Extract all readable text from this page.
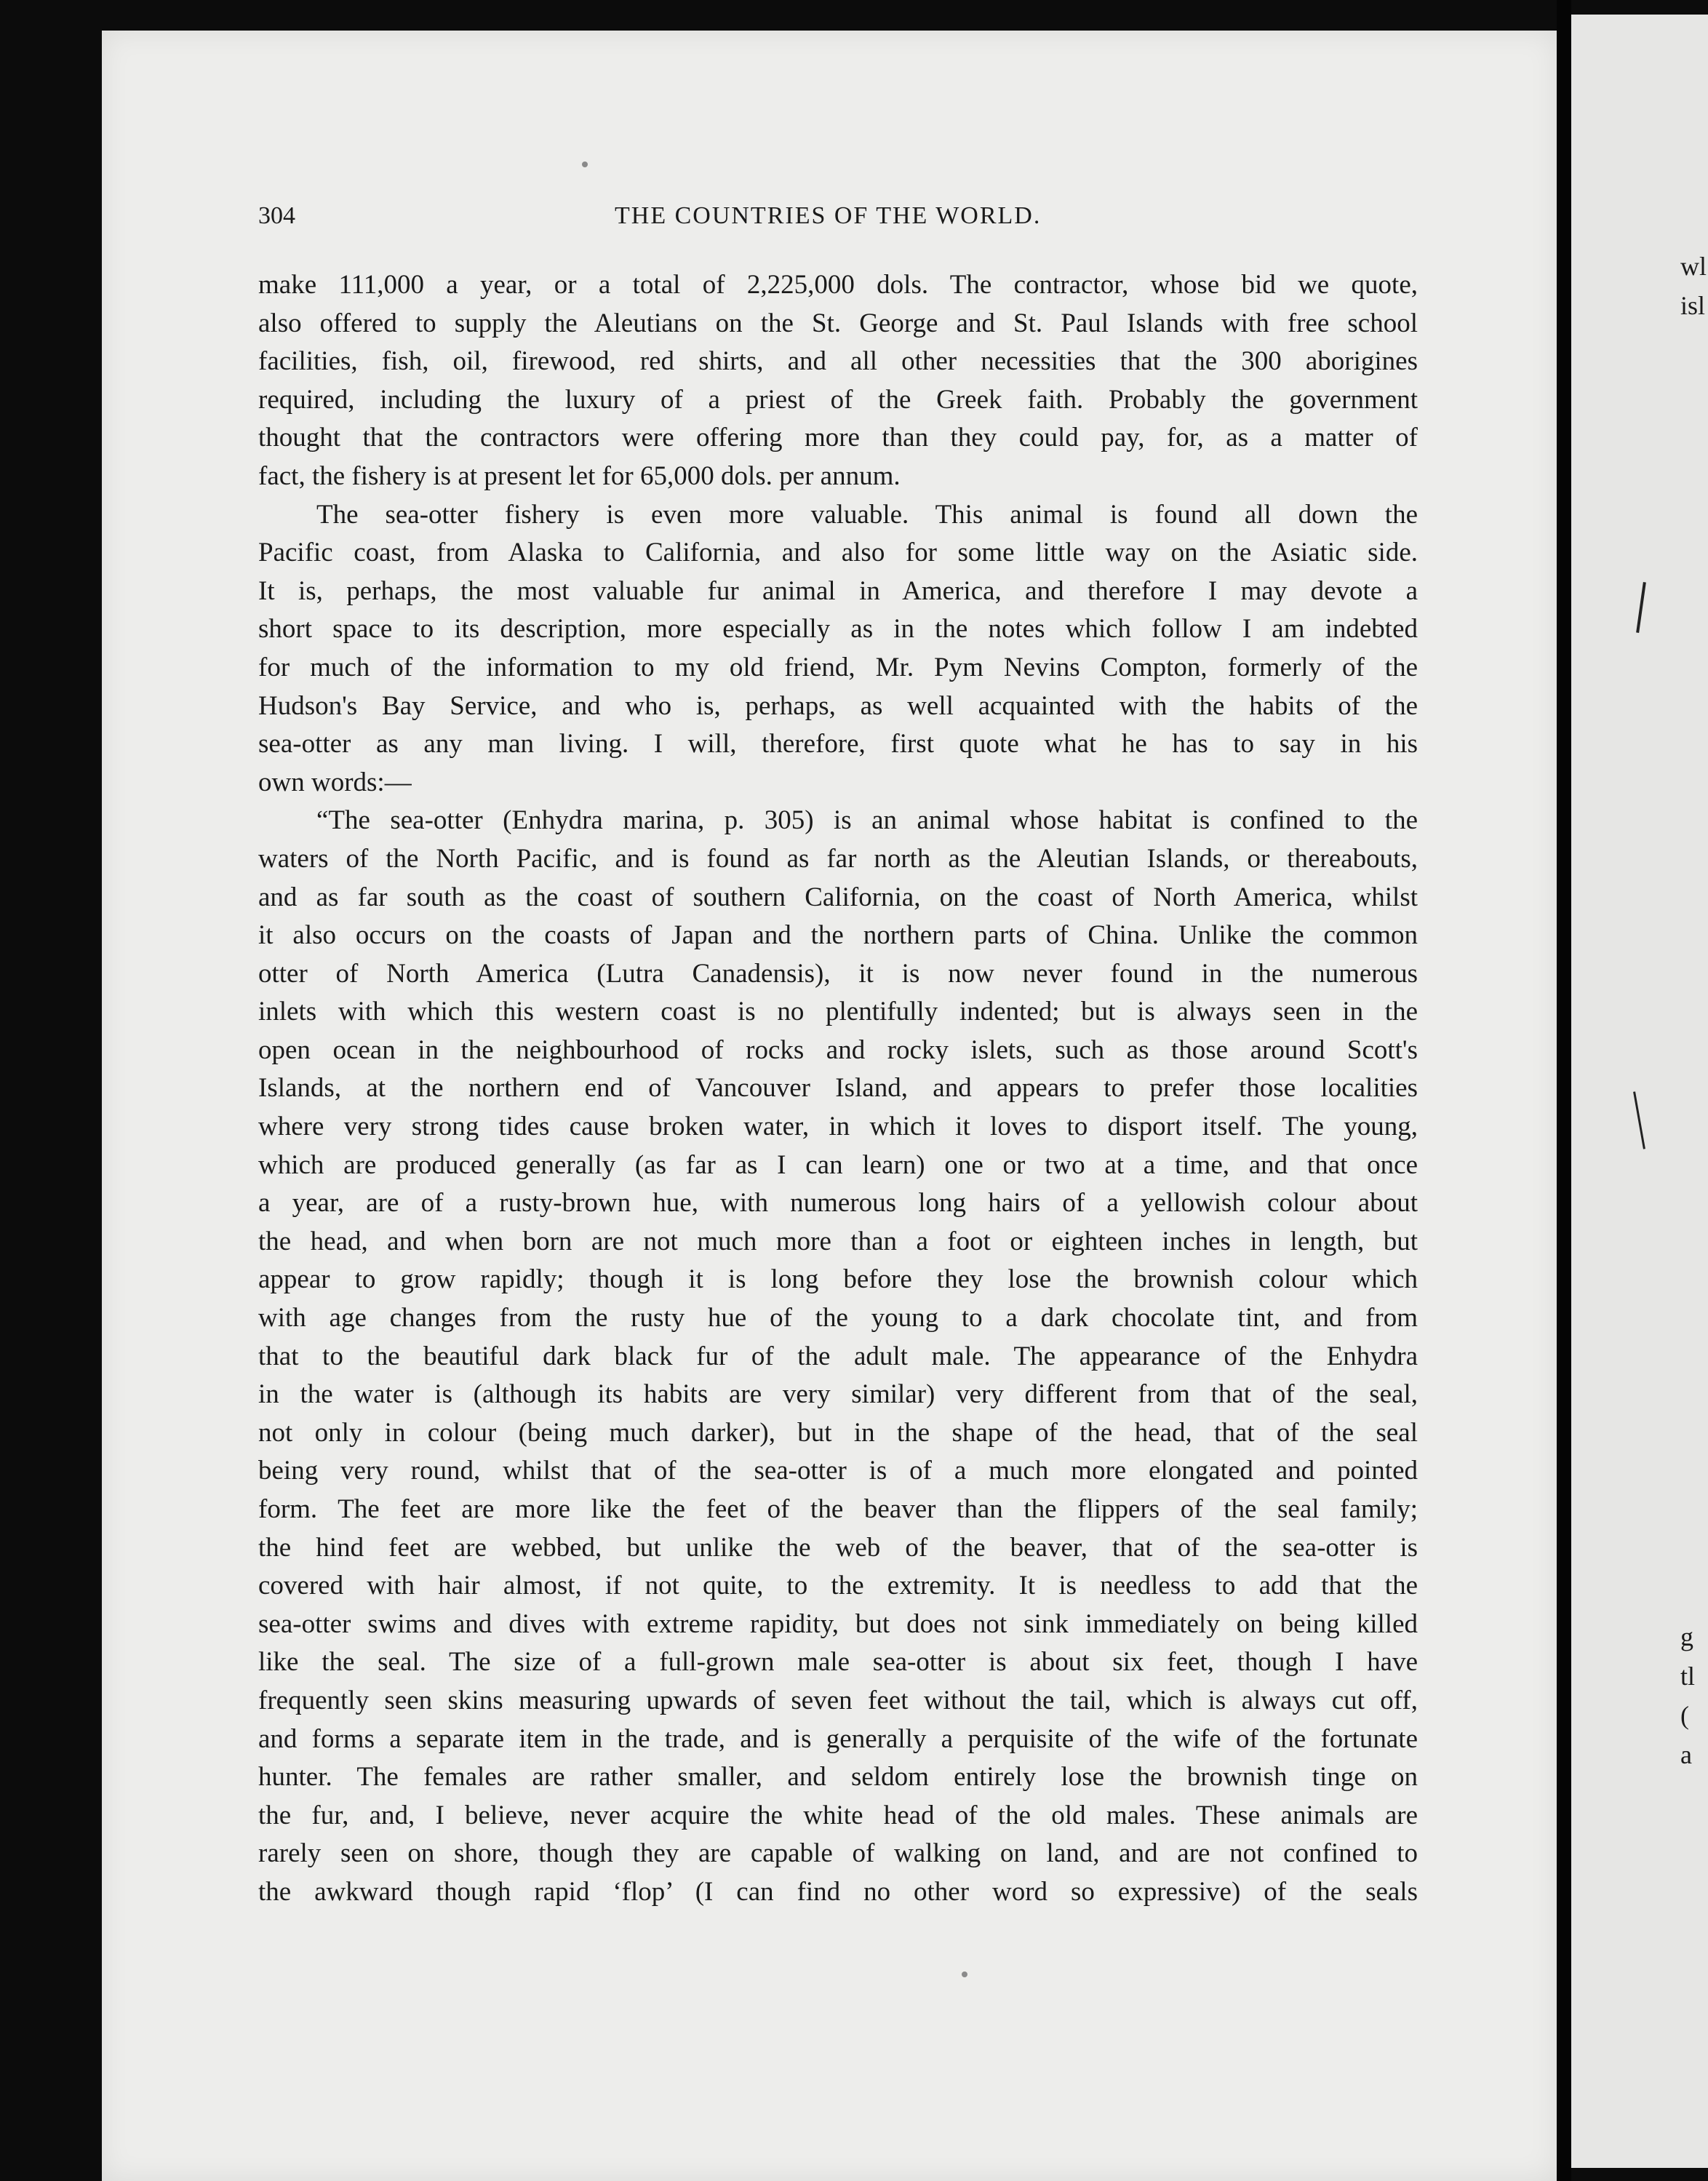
wl
isl
g
tl
(
a
304	THE COUNTRIES OF THE WORLD.

make 111,000 a year, or a total of 2,225,000 dols. The contractor, whose bid we quote,

also offered to supply the Aleutians on the St. George and St. Paul Islands with free school

facilities, fish, oil, firewood, red shirts, and all other necessities that the 300 aborigines

required, including the luxury of a priest of the Greek faith. Probably the government

thought that the contractors were offering more than they could pay, for, as a matter of

fact, the fishery is at present let for 65,000 dols. per annum.

The sea-otter fishery is even more valuable. This animal is found all down the

Pacific coast, from Alaska to California, and also for some little way on the Asiatic side.

It is, perhaps, the most valuable fur animal in America, and therefore I may devote a

short space to its description, more especially as in the notes which follow I am indebted

for much of the information to my old friend, Mr. Pym Nevins Compton, formerly of the

Hudson's Bay Service, and who is, perhaps, as well acquainted with the habits of the

sea-otter as any man living. I will, therefore, first quote what he has to say in his

own words:—

“The sea-otter (Enhydra marina, p. 305) is an animal whose habitat is confined to the

waters of the North Pacific, and is found as far north as the Aleutian Islands, or thereabouts,

and as far south as the coast of southern California, on the coast of North America, whilst

it also occurs on the coasts of Japan and the northern parts of China. Unlike the common

otter of North America (Lutra Canadensis), it is now never found in the numerous

inlets with which this western coast is no plentifully indented; but is always seen in the

open ocean in the neighbourhood of rocks and rocky islets, such as those around Scott's

Islands, at the northern end of Vancouver Island, and appears to prefer those localities

where very strong tides cause broken water, in which it loves to disport itself. The young,

which are produced generally (as far as I can learn) one or two at a time, and that once

a year, are of a rusty-brown hue, with numerous long hairs of a yellowish colour about

the head, and when born are not much more than a foot or eighteen inches in length, but

appear to grow rapidly; though it is long before they lose the brownish colour which

with age changes from the rusty hue of the young to a dark chocolate tint, and from

that to the beautiful dark black fur of the adult male. The appearance of the Enhydra

in the water is (although its habits are very similar) very different from that of the seal,

not only in colour (being much darker), but in the shape of the head, that of the seal

being very round, whilst that of the sea-otter is of a much more elongated and pointed

form. The feet are more like the feet of the beaver than the flippers of the seal family;

the hind feet are webbed, but unlike the web of the beaver, that of the sea-otter is

covered with hair almost, if not quite, to the extremity. It is needless to add that the

sea-otter swims and dives with extreme rapidity, but does not sink immediately on being killed

like the seal. The size of a full-grown male sea-otter is about six feet, though I have

frequently seen skins measuring upwards of seven feet without the tail, which is always cut off,

and forms a separate item in the trade, and is generally a perquisite of the wife of the fortunate

hunter. The females are rather smaller, and seldom entirely lose the brownish tinge on

the fur, and, I believe, never acquire the white head of the old males. These animals are

rarely seen on shore, though they are capable of walking on land, and are not confined to

the awkward though rapid ‘flop’ (I can find no other word so expressive) of the seals
